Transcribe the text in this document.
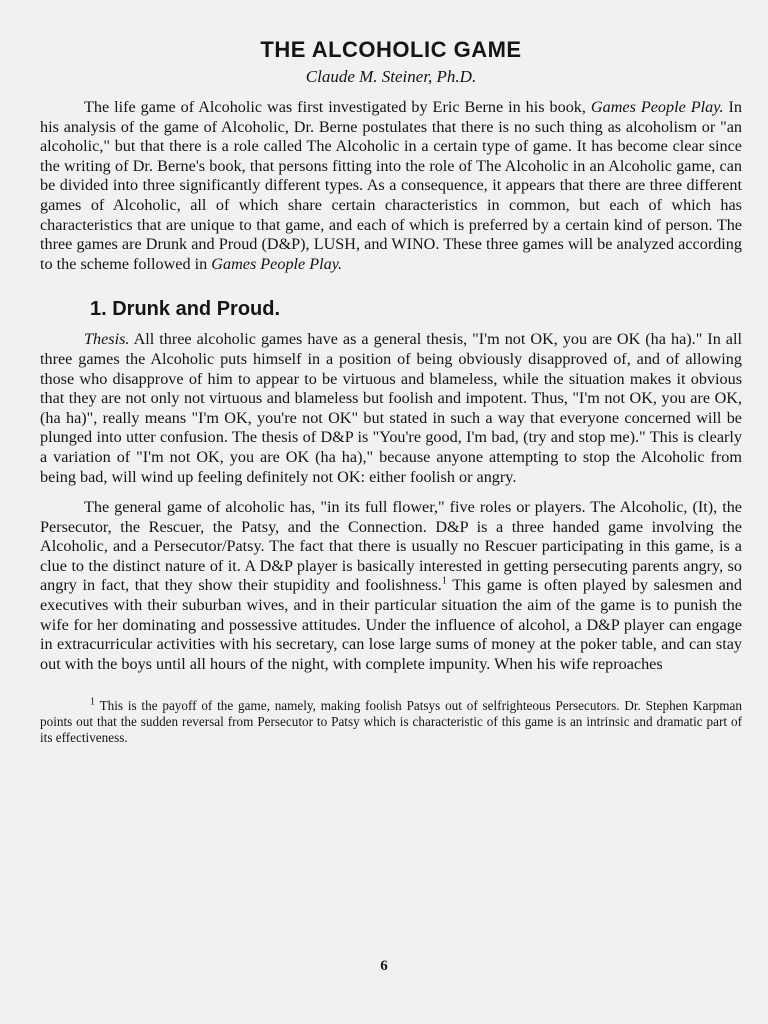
THE ALCOHOLIC GAME
Claude M. Steiner, Ph.D.

The life game of Alcoholic was first investigated by Eric Berne in his book, Games People Play. In his analysis of the game of Alcoholic, Dr. Berne postulates that there is no such thing as alcoholism or "an alcoholic," but that there is a role called The Alcoholic in a certain type of game. It has become clear since the writing of Dr. Berne's book, that persons fitting into the role of The Alcoholic in an Alcoholic game, can be divided into three significantly different types. As a consequence, it appears that there are three different games of Alcoholic, all of which share certain characteristics in common, but each of which has characteristics that are unique to that game, and each of which is preferred by a certain kind of person. The three games are Drunk and Proud (D&P), LUSH, and WINO. These three games will be analyzed according to the scheme followed in Games People Play.

1. Drunk and Proud.

Thesis. All three alcoholic games have as a general thesis, "I'm not OK, you are OK (ha ha)." In all three games the Alcoholic puts himself in a position of being obviously disapproved of, and of allowing those who disapprove of him to appear to be virtuous and blameless, while the situation makes it obvious that they are not only not virtuous and blameless but foolish and impotent. Thus, "I'm not OK, you are OK, (ha ha)", really means "I'm OK, you're not OK" but stated in such a way that everyone concerned will be plunged into utter confusion. The thesis of D&P is "You're good, I'm bad, (try and stop me)." This is clearly a variation of "I'm not OK, you are OK (ha ha)," because anyone attempting to stop the Alcoholic from being bad, will wind up feeling definitely not OK: either foolish or angry.

The general game of alcoholic has, "in its full flower," five roles or players. The Alcoholic, (It), the Persecutor, the Rescuer, the Patsy, and the Connection. D&P is a three handed game involving the Alcoholic, and a Persecutor/Patsy. The fact that there is usually no Rescuer participating in this game, is a clue to the distinct nature of it. A D&P player is basically interested in getting persecuting parents angry, so angry in fact, that they show their stupidity and foolishness.$^1$ This game is often played by salesmen and executives with their suburban wives, and in their particular situation the aim of the game is to punish the wife for her dominating and possessive attitudes. Under the influence of alcohol, a D&P player can engage in extracurricular activities with his secretary, can lose large sums of money at the poker table, and can stay out with the boys until all hours of the night, with complete impunity. When his wife reproaches

$^1$ This is the payoff of the game, namely, making foolish Patsys out of selfrighteous Persecutors. Dr. Stephen Karpman points out that the sudden reversal from Persecutor to Patsy which is characteristic of this game is an intrinsic and dramatic part of its effectiveness.

6
